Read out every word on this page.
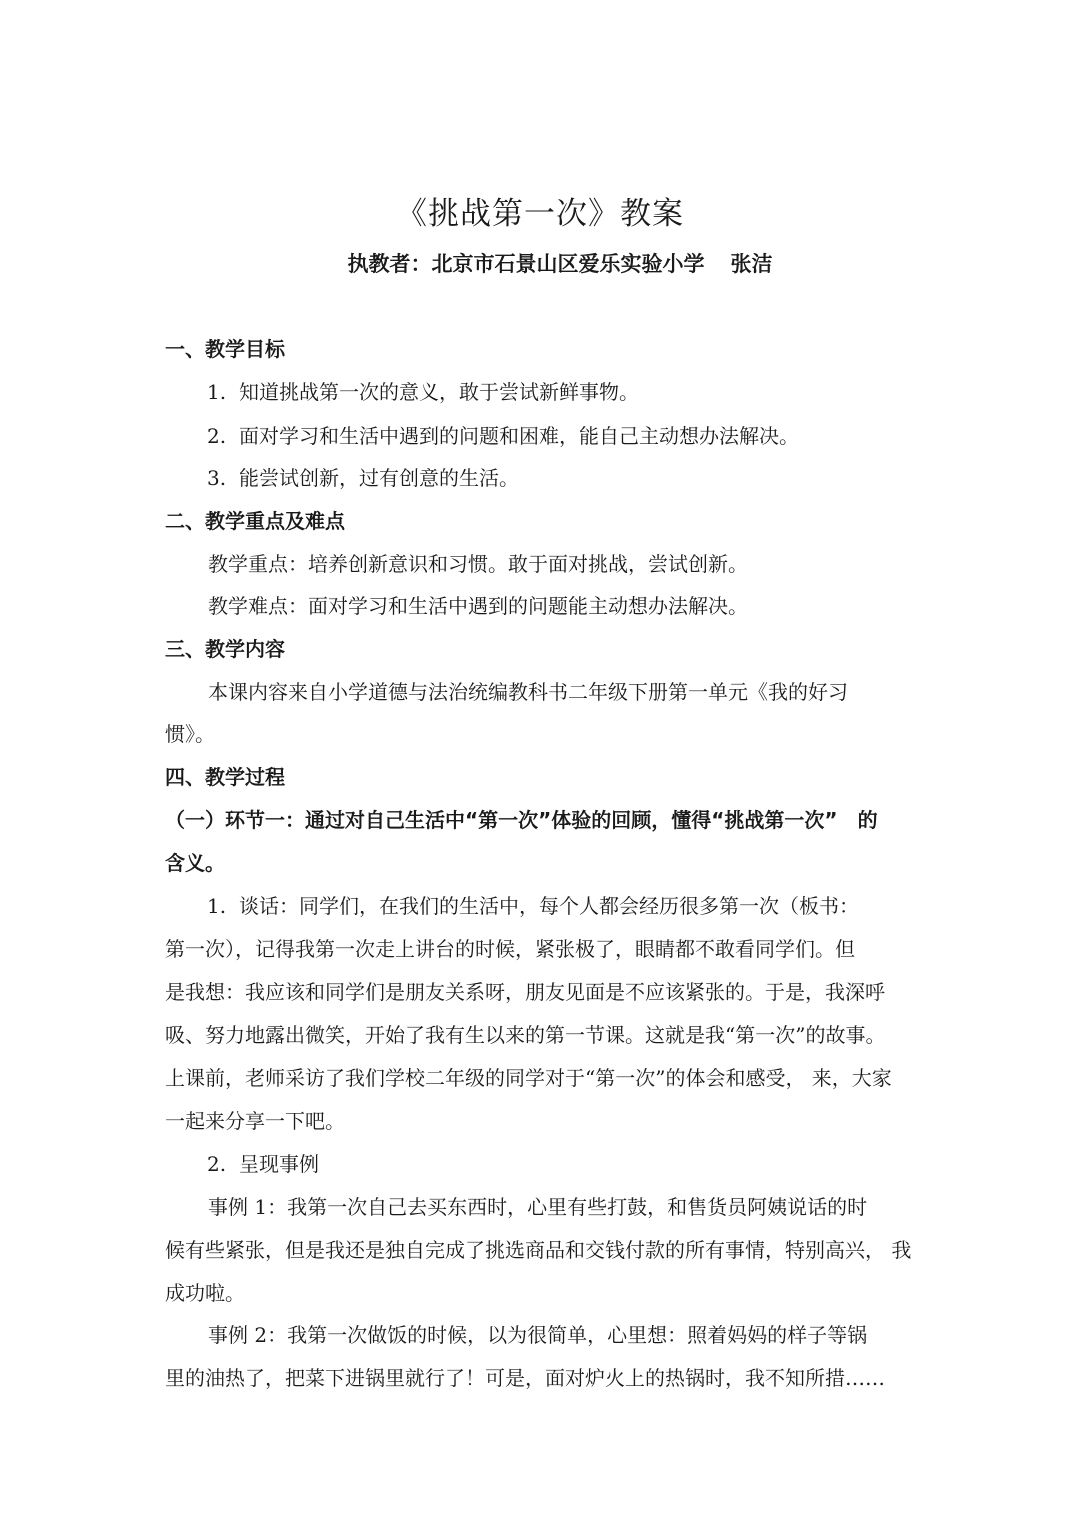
《挑战第一次》教案
执教者：北京市石景山区爱乐实验小学 张洁
一、教学目标
1. 知道挑战第一次的意义，敢于尝试新鲜事物。
2. 面对学习和生活中遇到的问题和困难，能自己主动想办法解决。
3. 能尝试创新，过有创意的生活。
二、教学重点及难点
教学重点：培养创新意识和习惯。敢于面对挑战，尝试创新。
教学难点：面对学习和生活中遇到的问题能主动想办法解决。
三、教学内容
本课内容来自小学道德与法治统编教科书二年级下册第一单元《我的好习
惯》。
四、教学过程
（一）环节一：通过对自己生活中“第一次”体验的回顾，懂得“挑战第一次”　的
含义。
1. 谈话：同学们，在我们的生活中，每个人都会经历很多第一次（板书：
第一次），记得我第一次走上讲台的时候，紧张极了，眼睛都不敢看同学们。但
是我想：我应该和同学们是朋友关系呀，朋友见面是不应该紧张的。于是，我深呼
吸、努力地露出微笑，开始了我有生以来的第一节课。这就是我“第一次”的故事。
上课前，老师采访了我们学校二年级的同学对于“第一次”的体会和感受， 来，大家
一起来分享一下吧。
2. 呈现事例
事例 1：我第一次自己去买东西时，心里有些打鼓，和售货员阿姨说话的时
候有些紧张，但是我还是独自完成了挑选商品和交钱付款的所有事情，特别高兴， 我
成功啦。
事例 2：我第一次做饭的时候，以为很简单，心里想：照着妈妈的样子等锅
里的油热了，把菜下进锅里就行了！可是，面对炉火上的热锅时，我不知所措……
